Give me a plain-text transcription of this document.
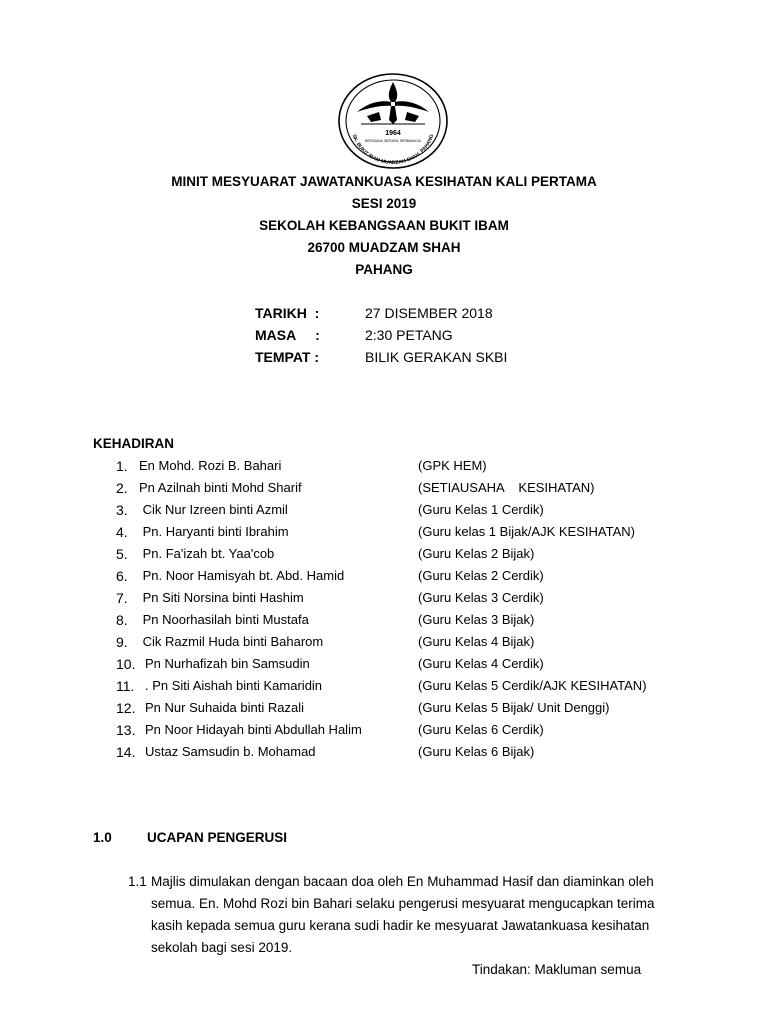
1964
BERUSAHA, BERJAYA, BERBAHAGIA
SK. BUKIT IBAM MUADZAM SHAH, PAHANG
MINIT MESYUARAT JAWATANKUASA KESIHATAN KALI PERTAMA
SESI 2019
SEKOLAH KEBANGSAAN BUKIT IBAM
26700 MUADZAM SHAH
PAHANG
TARIKH  :	27 DISEMBER 2018
MASA     :	2:30 PETANG
TEMPAT :	BILIK GERAKAN SKBI
KEHADIRAN
1. En Mohd. Rozi B. Bahari	(GPK HEM)
2. Pn Azilnah binti Mohd Sharif	(SETIAUSAHA    KESIHATAN)
3. Cik Nur Izreen binti Azmil	(Guru Kelas 1 Cerdik)
4. Pn. Haryanti binti Ibrahim	(Guru kelas 1 Bijak/AJK KESIHATAN)
5. Pn. Fa'izah bt. Yaa'cob	(Guru Kelas 2 Bijak)
6. Pn. Noor Hamisyah bt. Abd. Hamid	(Guru Kelas 2 Cerdik)
7. Pn Siti Norsina binti Hashim	(Guru Kelas 3 Cerdik)
8. Pn Noorhasilah binti Mustafa	(Guru Kelas 3 Bijak)
9. Cik Razmil Huda binti Baharom	(Guru Kelas 4 Bijak)
10. Pn Nurhafizah bin Samsudin	(Guru Kelas 4 Cerdik)
11. . Pn Siti Aishah binti Kamaridin	(Guru Kelas 5 Cerdik/AJK KESIHATAN)
12. Pn Nur Suhaida binti Razali	(Guru Kelas 5 Bijak/ Unit Denggi)
13. Pn Noor Hidayah binti Abdullah Halim	(Guru Kelas 6 Cerdik)
14. Ustaz Samsudin b. Mohamad	(Guru Kelas 6 Bijak)
1.0	UCAPAN PENGERUSI
1.1 Majlis dimulakan dengan bacaan doa oleh En Muhammad Hasif dan diaminkan oleh
semua. En. Mohd Rozi bin Bahari selaku pengerusi mesyuarat mengucapkan terima
kasih kepada semua guru kerana sudi hadir ke mesyuarat Jawatankuasa kesihatan
sekolah bagi sesi 2019.
Tindakan: Makluman semua
